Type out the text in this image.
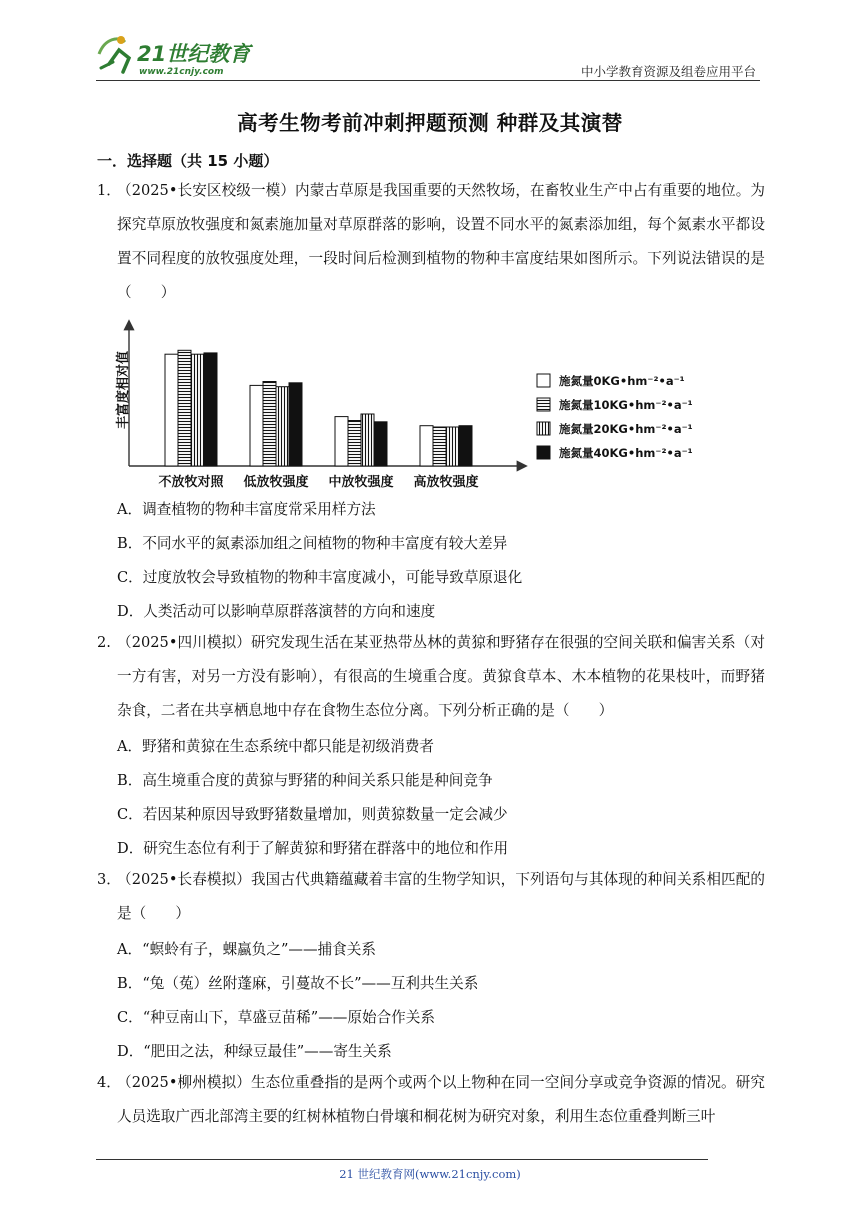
21世纪教育
www.21cnjy.com	中小学教育资源及组卷应用平台
高考生物考前冲刺押题预测 种群及其演替
一．选择题（共 15 小题）
1．
（2025•长安区校级一模）内蒙古草原是我国重要的天然牧场，在畜牧业生产中占有重要的地位。为探究草原放牧强度和氮素施加量对草原群落的影响，设置不同水平的氮素添加组，每个氮素水平都设置不同程度的放牧强度处理，一段时间后检测到植物的物种丰富度结果如图所示。下列说法错误的是（　　）
丰富度相对值
不放牧对照 低放牧强度 中放牧强度 高放牧强度
施氮量0KG•hm⁻²•a⁻¹
施氮量10KG•hm⁻²•a⁻¹
施氮量20KG•hm⁻²•a⁻¹
施氮量40KG•hm⁻²•a⁻¹
A．调查植物的物种丰富度常采用样方法
B．不同水平的氮素添加组之间植物的物种丰富度有较大差异
C．过度放牧会导致植物的物种丰富度减小，可能导致草原退化
D．人类活动可以影响草原群落演替的方向和速度
2. （2025•四川模拟）研究发现生活在某亚热带丛林的黄猄和野猪存在很强的空间关联和偏害关系（对一方有害，对另一方没有影响），有很高的生境重合度。黄猄食草本、木本植物的花果枝叶，而野猪杂食，二者在共享栖息地中存在食物生态位分离。下列分析正确的是（　　）
A．野猪和黄猄在生态系统中都只能是初级消费者
B．高生境重合度的黄猄与野猪的种间关系只能是种间竞争
C．若因某种原因导致野猪数量增加，则黄猄数量一定会减少
D．研究生态位有利于了解黄猄和野猪在群落中的地位和作用
3．
（2025•长春模拟）我国古代典籍蕴藏着丰富的生物学知识，下列语句与其体现的种间关系相匹配的是（　　）
A．“螟蛉有子，蜾蠃负之”——捕食关系
B．“兔（菟）丝附蓬麻，引蔓故不长”——互利共生关系
C．“种豆南山下，草盛豆苗稀”——原始合作关系
D．“肥田之法，种绿豆最佳”——寄生关系
4．
（2025•柳州模拟）生态位重叠指的是两个或两个以上物种在同一空间分享或竞争资源的情况。研究人员选取广西北部湾主要的红树林植物白骨壤和桐花树为研究对象，利用生态位重叠判断三叶
21 世纪教育网(www.21cnjy.com)
